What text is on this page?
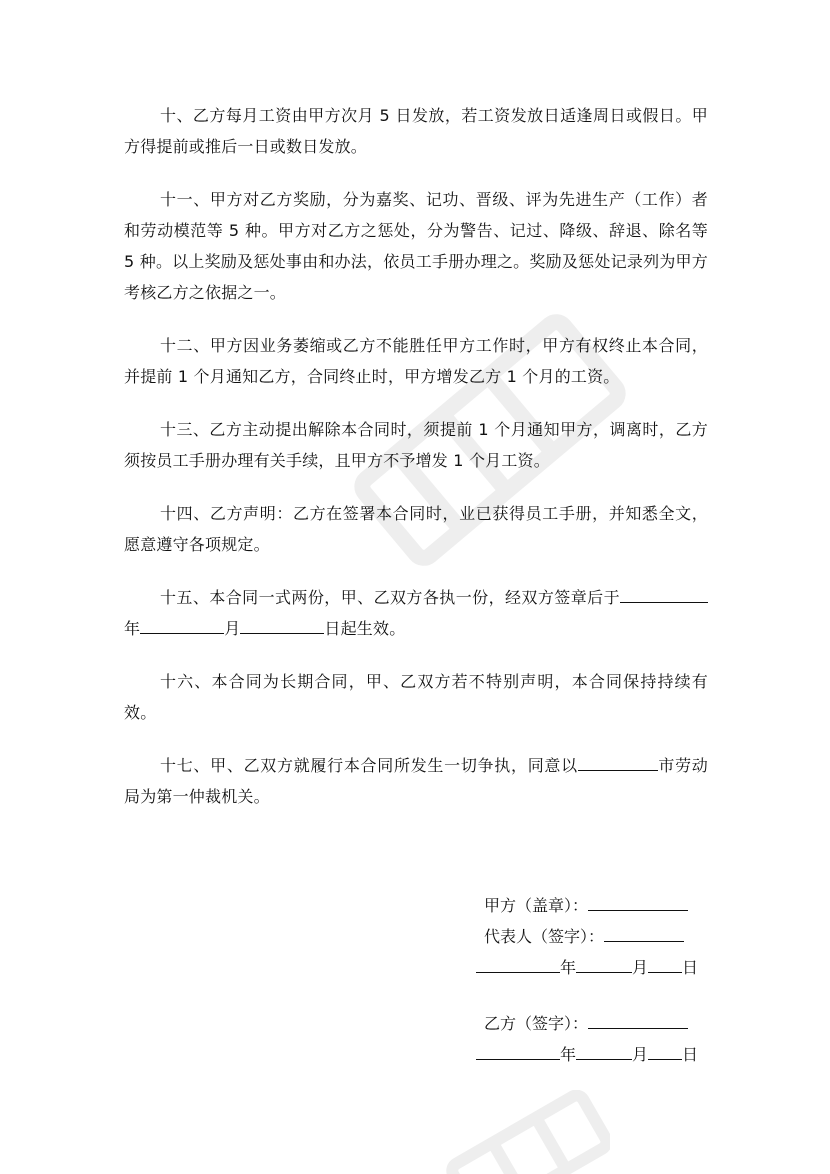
十、乙方每月工资由甲方次月 5 日发放，若工资发放日适逢周日或假日。甲方得提前或推后一日或数日发放。

十一、甲方对乙方奖励，分为嘉奖、记功、晋级、评为先进生产（工作）者和劳动模范等 5 种。甲方对乙方之惩处，分为警告、记过、降级、辞退、除名等 5 种。以上奖励及惩处事由和办法，依员工手册办理之。奖励及惩处记录列为甲方考核乙方之依据之一。

十二、甲方因业务萎缩或乙方不能胜任甲方工作时，甲方有权终止本合同，并提前 1 个月通知乙方，合同终止时，甲方增发乙方 1 个月的工资。

十三、乙方主动提出解除本合同时，须提前 1 个月通知甲方，调离时，乙方须按员工手册办理有关手续，且甲方不予增发 1 个月工资。

十四、乙方声明：乙方在签署本合同时，业已获得员工手册，并知悉全文，愿意遵守各项规定。

十五、本合同一式两份，甲、乙双方各执一份，经双方签章后于年	月	日起生效。

十六、本合同为长期合同，甲、乙双方若不特别声明，本合同保持持续有效。

十七、甲、乙双方就履行本合同所发生一切争执，同意以	市劳动局为第一仲裁机关。

甲方（盖章）：
代表人（签字）：
年	月 日
乙方（签字）：
年	月 日
